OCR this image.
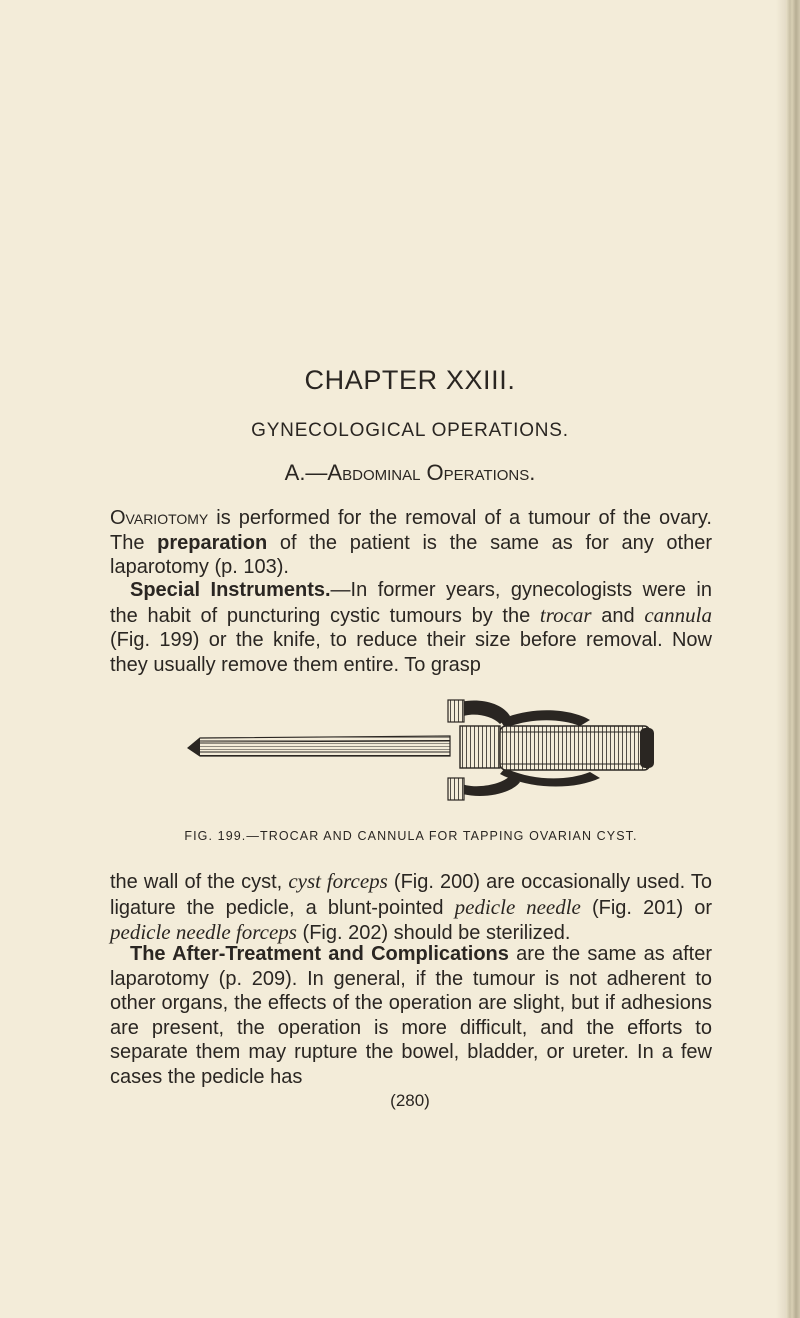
CHAPTER XXIII.
GYNECOLOGICAL OPERATIONS.
A.—Abdominal Operations.

Ovariotomy is performed for the removal of a tumour of the ovary. The preparation of the patient is the same as for any other laparotomy (p. 103).

Special Instruments.—In former years, gynecologists were in the habit of puncturing cystic tumours by the trocar and cannula (Fig. 199) or the knife, to reduce their size before removal. Now they usually remove them entire. To grasp

FIG. 199.—TROCAR AND CANNULA FOR TAPPING OVARIAN CYST.

the wall of the cyst, cyst forceps (Fig. 200) are occasionally used. To ligature the pedicle, a blunt-pointed pedicle needle (Fig. 201) or pedicle needle forceps (Fig. 202) should be sterilized.

The After-Treatment and Complications are the same as after laparotomy (p. 209). In general, if the tumour is not adherent to other organs, the effects of the operation are slight, but if adhesions are present, the operation is more difficult, and the efforts to separate them may rupture the bowel, bladder, or ureter. In a few cases the pedicle has

(280)
